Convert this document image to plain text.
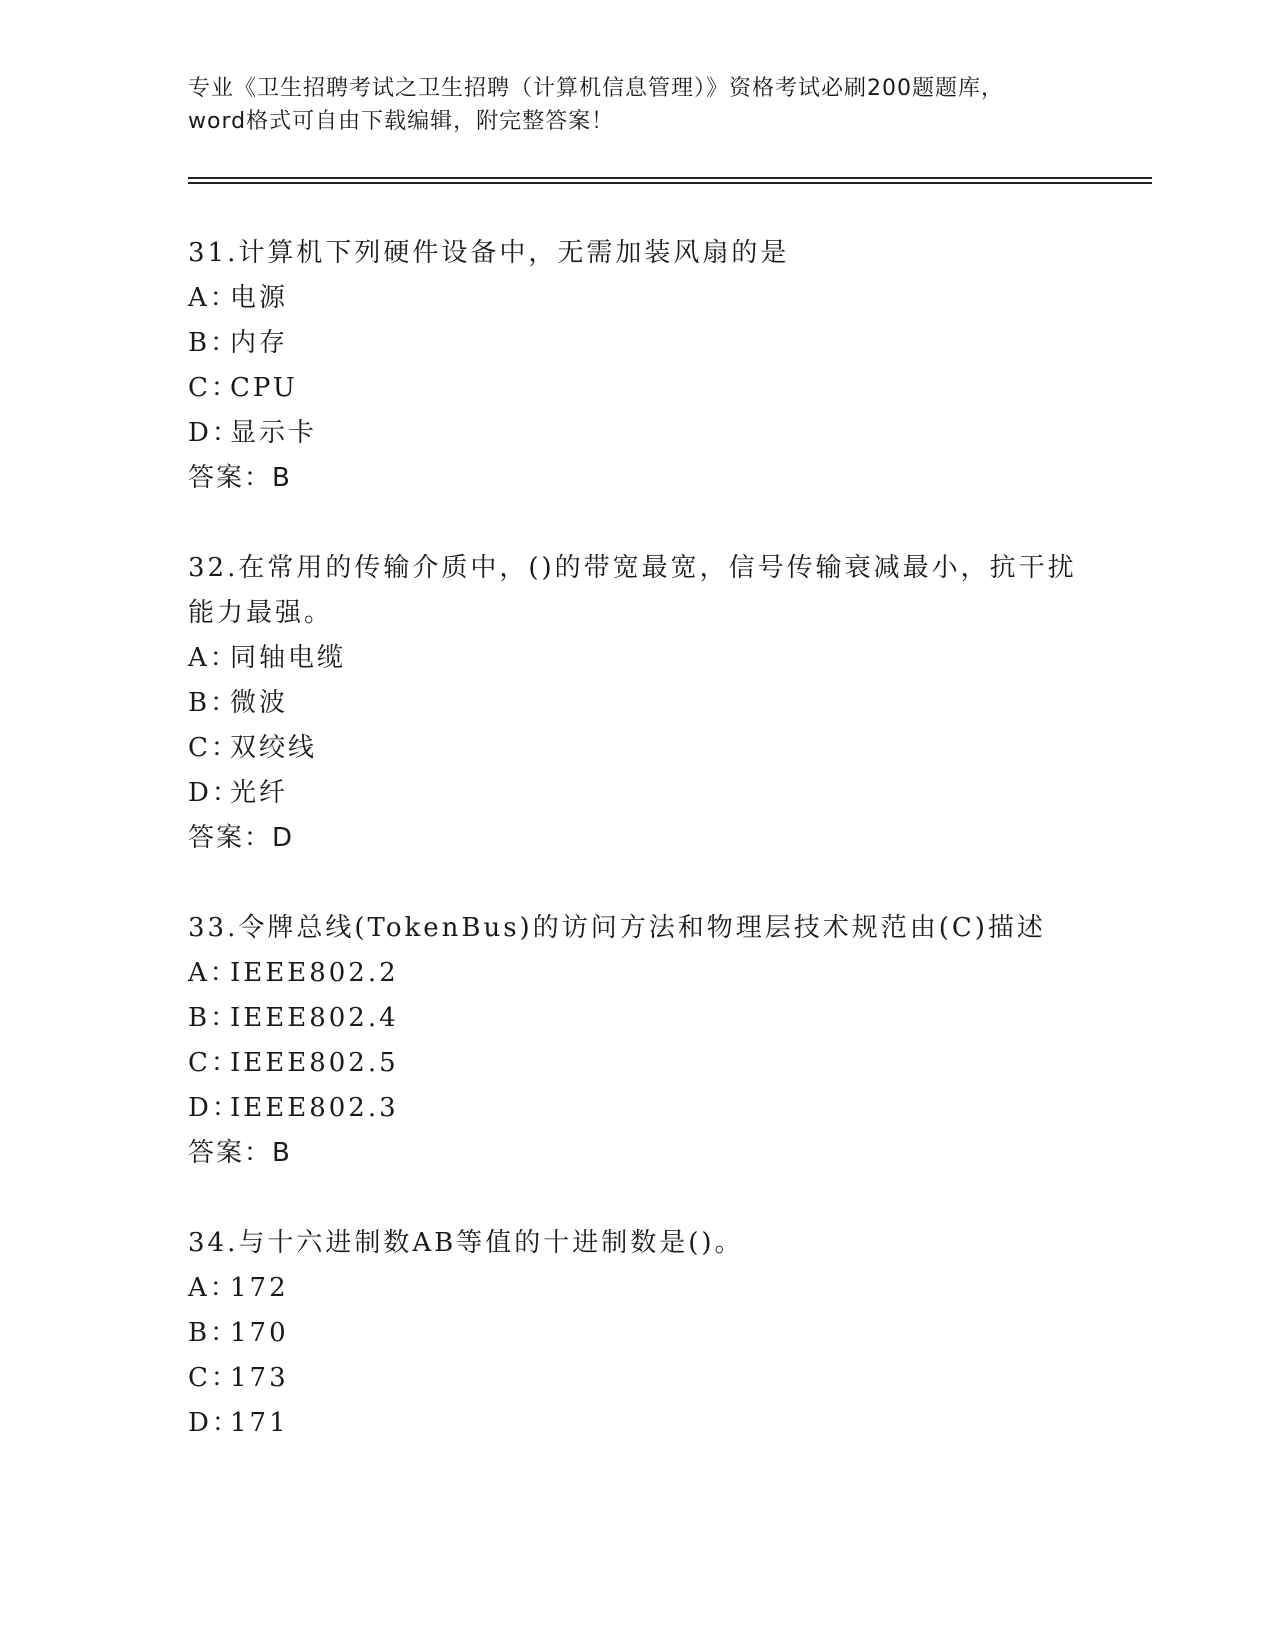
专业《卫生招聘考试之卫生招聘（计算机信息管理）》资格考试必刷200题题库，
word格式可自由下载编辑，附完整答案！
31.计算机下列硬件设备中，无需加装风扇的是
A：电源
B：内存
C：CPU
D：显示卡
答案：B
32.在常用的传输介质中，()的带宽最宽，信号传输衰减最小，抗干扰
能力最强。
A：同轴电缆
B：微波
C：双绞线
D：光纤
答案：D
33.令牌总线(TokenBus)的访问方法和物理层技术规范由(C)描述
A：IEEE802.2
B：IEEE802.4
C：IEEE802.5
D：IEEE802.3
答案：B
34.与十六进制数AB等值的十进制数是()。
A：172
B：170
C：173
D：171
